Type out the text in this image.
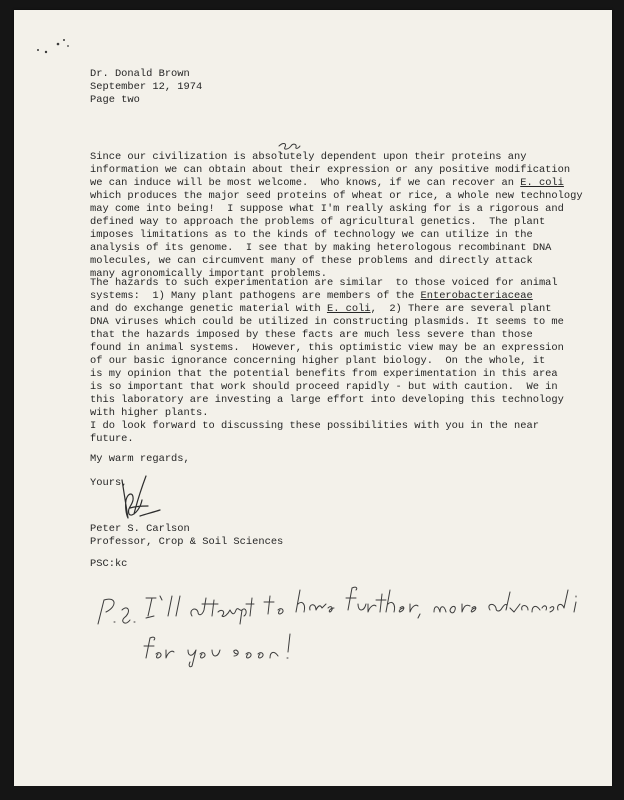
Dr. Donald Brown
September 12, 1974
Page two
Since our civilization is absolutely dependent upon their proteins any
information we can obtain about their expression or any positive modification
we can induce will be most welcome.  Who knows, if we can recover an E. coli
which produces the major seed proteins of wheat or rice, a whole new technology
may come into being!  I suppose what I'm really asking for is a rigorous and
defined way to approach the problems of agricultural genetics.  The plant
imposes limitations as to the kinds of technology we can utilize in the
analysis of its genome.  I see that by making heterologous recombinant DNA
molecules, we can circumvent many of these problems and directly attack
many agronomically important problems.
The hazards to such experimentation are similar  to those voiced for animal
systems:  1) Many plant pathogens are members of the Enterobacteriaceae
and do exchange genetic material with E. coli,  2) There are several plant
DNA viruses which could be utilized in constructing plasmids. It seems to me
that the hazards imposed by these facts are much less severe than those
found in animal systems.  However, this optimistic view may be an expression
of our basic ignorance concerning higher plant biology.  On the whole, it
is my opinion that the potential benefits from experimentation in this area
is so important that work should proceed rapidly - but with caution.  We in
this laboratory are investing a large effort into developing this technology
with higher plants.
I do look forward to discussing these possibilities with you in the near
future.
My warm regards,
Yours,
Peter S. Carlson
Professor, Crop & Soil Sciences
PSC:kc
